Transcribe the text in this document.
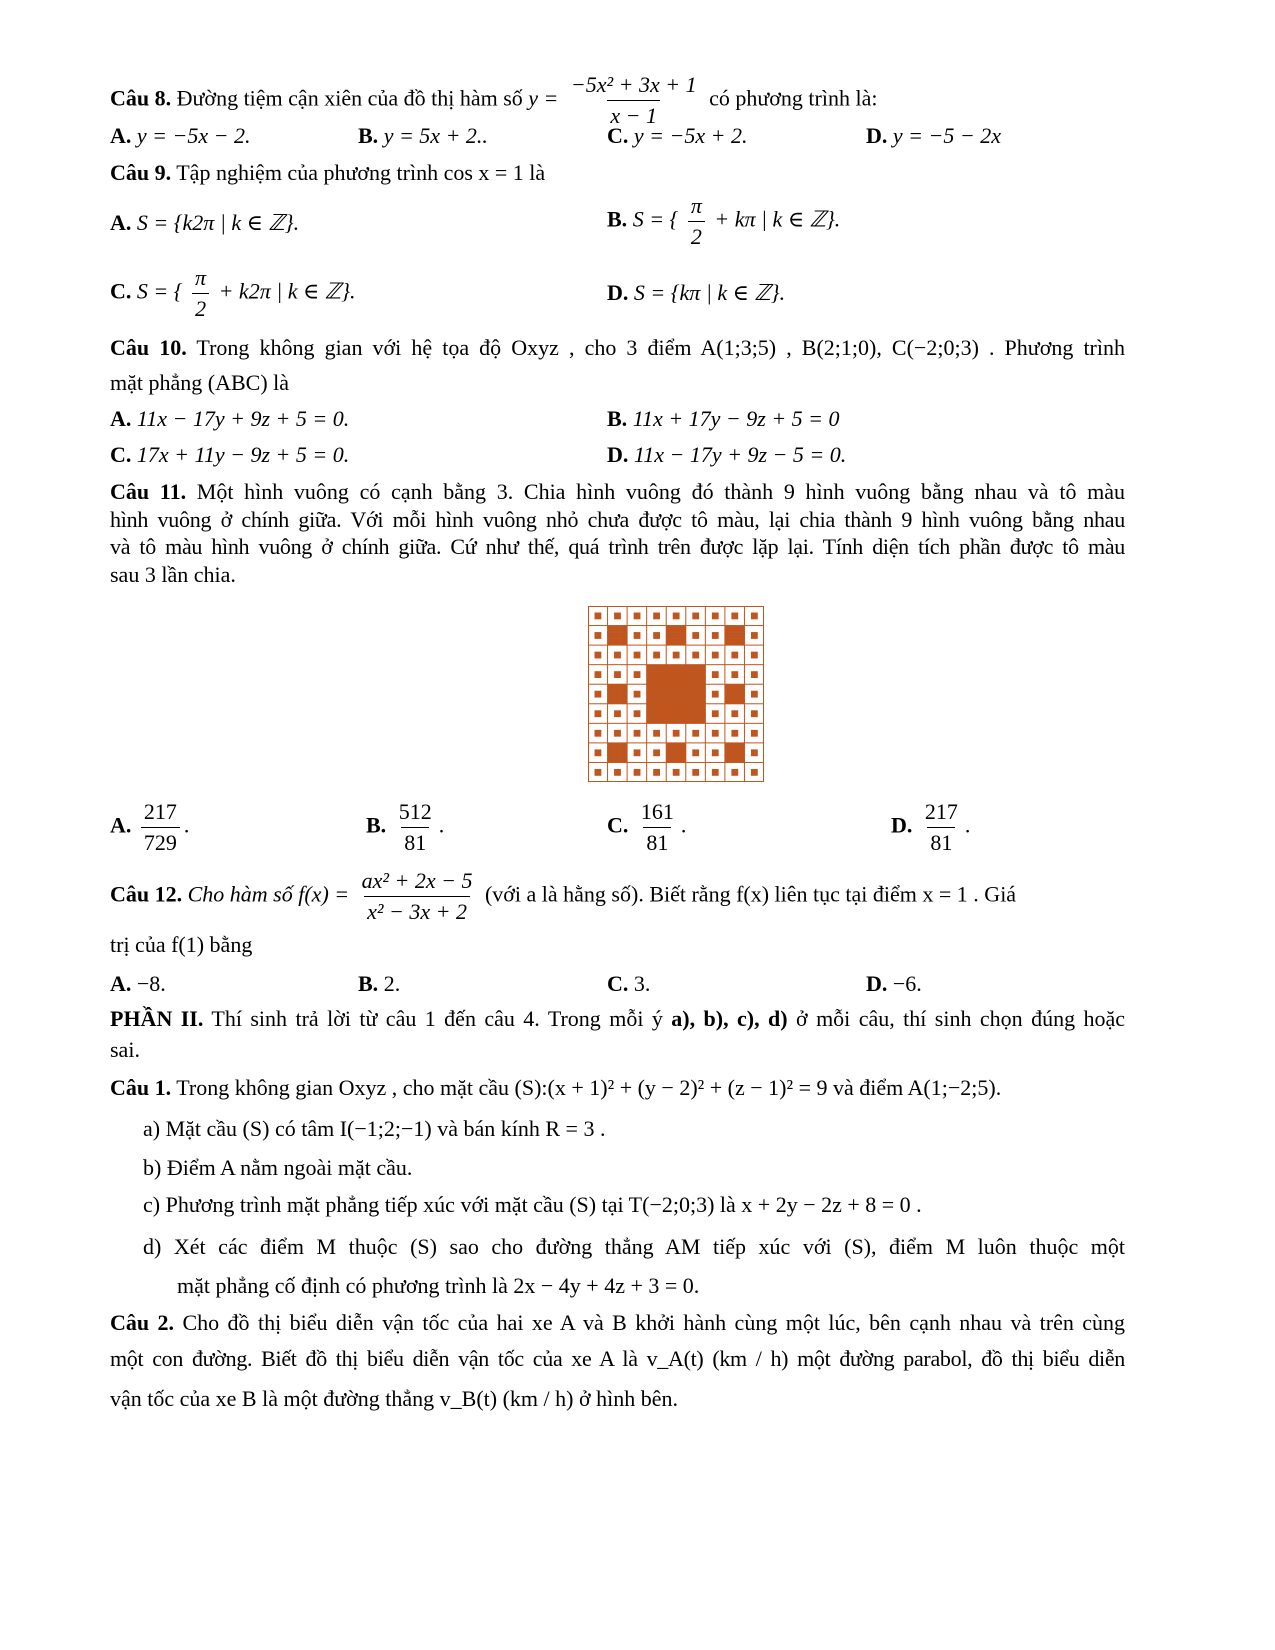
Câu 8. Đường tiệm cận xiên của đồ thị hàm số $y = \frac{\text{−5x² + 3x + 1}}{x - 1}$ có phương trình là:
A. y = −5x − 2.	B. y = 5x + 2..	C. y = −5x + 2.	D. y = −5 − 2x
Câu 9. Tập nghiệm của phương trình cos x = 1 là
A. S = {k2π | k ∈ ℤ}.	B. S = { $\frac{\pi}{2} + k\pi$ | k ∈ ℤ}.
C. S = { $\frac{\pi}{2} + k2\pi$ | k ∈ ℤ}.	D. S = {kπ | k ∈ ℤ}.
Câu 10. Trong không gian với hệ tọa độ Oxyz , cho 3 điểm A(1;3;5) , B(2;1;0), C(−2;0;3) . Phương trình
mặt phẳng (ABC) là
A. 11x − 17y + 9z + 5 = 0.	B. 11x + 17y − 9z + 5 = 0
C. 17x + 11y − 9z + 5 = 0.	D. 11x − 17y + 9z − 5 = 0.
Câu 11. Một hình vuông có cạnh bằng 3. Chia hình vuông đó thành 9 hình vuông bằng nhau và tô màu
hình vuông ở chính giữa. Với mỗi hình vuông nhỏ chưa được tô màu, lại chia thành 9 hình vuông bằng nhau
và tô màu hình vuông ở chính giữa. Cứ như thế, quá trình trên được lặp lại. Tính diện tích phần được tô màu
sau 3 lần chia.
A. $\frac{217}{729}$ .	B. $\frac{512}{81}$ .	C. $\frac{161}{81}$ .	D. $\frac{217}{81}$ .
Câu 12. Cho hàm số $f(x) = \frac{\text{ax² + 2x − 5}}{\text{x² − 3x + 2}}$ (với a là hằng số). Biết rằng f(x) liên tục tại điểm x = 1 . Giá
trị của f(1) bằng
A. −8.	B. 2.	C. 3.	D. −6.
PHẦN II. Thí sinh trả lời từ câu 1 đến câu 4. Trong mỗi ý a), b), c), d) ở mỗi câu, thí sinh chọn đúng hoặc
sai.
Câu 1. Trong không gian Oxyz , cho mặt cầu (S):(x + 1)² + (y − 2)² + (z − 1)² = 9 và điểm A(1;−2;5).
a) Mặt cầu (S) có tâm I(−1;2;−1) và bán kính R = 3 .
b) Điểm A nằm ngoài mặt cầu.
c) Phương trình mặt phẳng tiếp xúc với mặt cầu (S) tại T(−2;0;3) là x + 2y − 2z + 8 = 0 .
d) Xét các điểm M thuộc (S) sao cho đường thẳng AM tiếp xúc với (S), điểm M luôn thuộc một
mặt phẳng cố định có phương trình là 2x − 4y + 4z + 3 = 0.
Câu 2. Cho đồ thị biểu diễn vận tốc của hai xe A và B khởi hành cùng một lúc, bên cạnh nhau và trên cùng
một con đường. Biết đồ thị biểu diễn vận tốc của xe A là v_A(t) (km / h) một đường parabol, đồ thị biểu diễn
vận tốc của xe B là một đường thẳng v_B(t) (km / h) ở hình bên.
